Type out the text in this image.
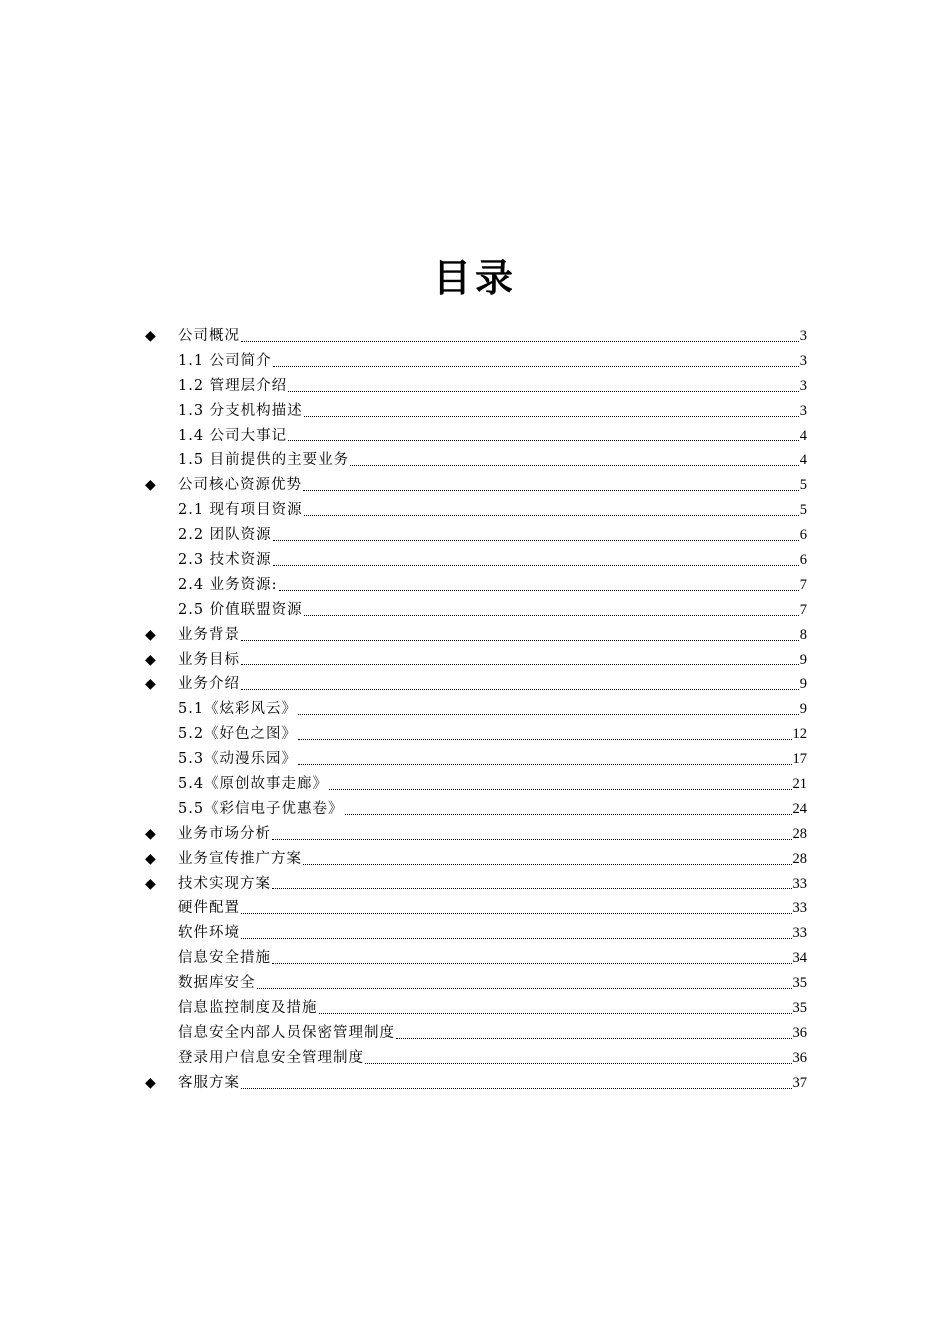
目录
◆	公司概况	3
1.1 公司简介	3
1.2 管理层介绍	3
1.3 分支机构描述	3
1.4 公司大事记	4
1.5 目前提供的主要业务	4
◆	公司核心资源优势	5
2.1 现有项目资源	5
2.2 团队资源	6
2.3 技术资源	6
2.4 业务资源:	7
2.5 价值联盟资源	7
◆	业务背景	8
◆	业务目标	9
◆	业务介绍	9
5.1《炫彩风云》	9
5.2《好色之图》	12
5.3《动漫乐园》	17
5.4《原创故事走廊》	21
5.5《彩信电子优惠卷》	24
◆	业务市场分析	28
◆	业务宣传推广方案	28
◆	技术实现方案	33
硬件配置	33
软件环境	33
信息安全措施	34
数据库安全	35
信息监控制度及措施	35
信息安全内部人员保密管理制度	36
登录用户信息安全管理制度	36
◆	客服方案	37
